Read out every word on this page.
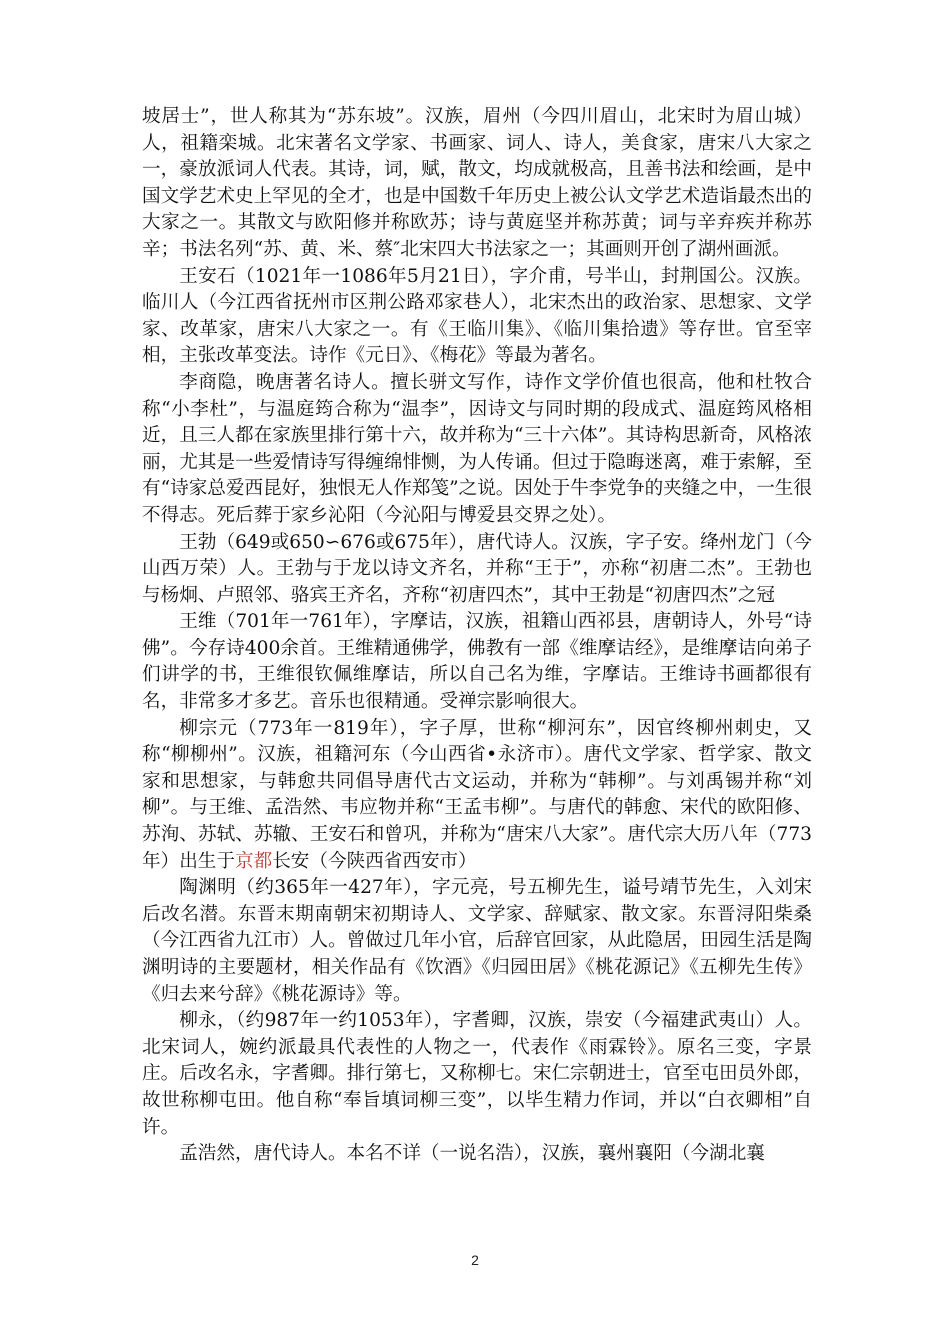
坡居士”，世人称其为“苏东坡”。汉族，眉州（今四川眉山，北宋时为眉山城）人，祖籍栾城。北宋著名文学家、书画家、词人、诗人，美食家，唐宋八大家之一，豪放派词人代表。其诗，词，赋，散文，均成就极高，且善书法和绘画，是中国文学艺术史上罕见的全才，也是中国数千年历史上被公认文学艺术造诣最杰出的大家之一。其散文与欧阳修并称欧苏；诗与黄庭坚并称苏黄；词与辛弃疾并称苏辛；书法名列“苏、黄、米、蔡″北宋四大书法家之一；其画则开创了湖州画派。

王安石（1021年一1086年5月21日），字介甫，号半山，封荆国公。汉族。临川人（今江西省抚州市区荆公路邓家巷人），北宋杰出的政治家、思想家、文学家、改革家，唐宋八大家之一。有《王临川集》、《临川集拾遗》等存世。官至宰相，主张改革变法。诗作《元日》、《梅花》等最为著名。

李商隐，晚唐著名诗人。擅长骈文写作，诗作文学价值也很高，他和杜牧合称“小李杜”，与温庭筠合称为“温李”，因诗文与同时期的段成式、温庭筠风格相近，且三人都在家族里排行第十六，故并称为“三十六体”。其诗构思新奇，风格浓丽，尤其是一些爱情诗写得缠绵悱恻，为人传诵。但过于隐晦迷离，难于索解，至有“诗家总爱西昆好，独恨无人作郑笺”之说。因处于牛李党争的夹缝之中，一生很不得志。死后葬于家乡沁阳（今沁阳与博爱县交界之处）。

王勃（649或650∽676或675年），唐代诗人。汉族，字子安。绛州龙门（今山西万荣）人。王勃与于龙以诗文齐名，并称“王于”，亦称“初唐二杰”。王勃也与杨炯、卢照邻、骆宾王齐名，齐称“初唐四杰”，其中王勃是“初唐四杰”之冠

王维（701年一761年），字摩诘，汉族，祖籍山西祁县，唐朝诗人，外号“诗佛”。今存诗400余首。王维精通佛学，佛教有一部《维摩诘经》，是维摩诘向弟子们讲学的书，王维很钦佩维摩诘，所以自己名为维，字摩诘。王维诗书画都很有名，非常多才多艺。音乐也很精通。受禅宗影响很大。

柳宗元（773年一819年），字子厚，世称“柳河东”，因官终柳州刺史，又称“柳柳州”。汉族，祖籍河东（今山西省•永济市）。唐代文学家、哲学家、散文家和思想家，与韩愈共同倡导唐代古文运动，并称为“韩柳”。与刘禹锡并称“刘柳”。与王维、孟浩然、韦应物并称“王孟韦柳”。与唐代的韩愈、宋代的欧阳修、苏洵、苏轼、苏辙、王安石和曾巩，并称为“唐宋八大家”。唐代宗大历八年（773年）出生于京都长安（今陕西省西安市）

陶渊明（约365年一427年），字元亮，号五柳先生，谥号靖节先生，入刘宋后改名潜。东晋末期南朝宋初期诗人、文学家、辞赋家、散文家。东晋浔阳柴桑（今江西省九江市）人。曾做过几年小官，后辞官回家，从此隐居，田园生活是陶渊明诗的主要题材，相关作品有《饮酒》《归园田居》《桃花源记》《五柳先生传》《归去来兮辞》《桃花源诗》等。

柳永，（约987年一约1053年），字耆卿，汉族，崇安（今福建武夷山）人。北宋词人，婉约派最具代表性的人物之一，代表作《雨霖铃》。原名三变，字景庄。后改名永，字耆卿。排行第七，又称柳七。宋仁宗朝进士，官至屯田员外郎，故世称柳屯田。他自称“奉旨填词柳三变”，以毕生精力作词，并以“白衣卿相”自许。

孟浩然，唐代诗人。本名不详（一说名浩），汉族，襄州襄阳（今湖北襄

2
